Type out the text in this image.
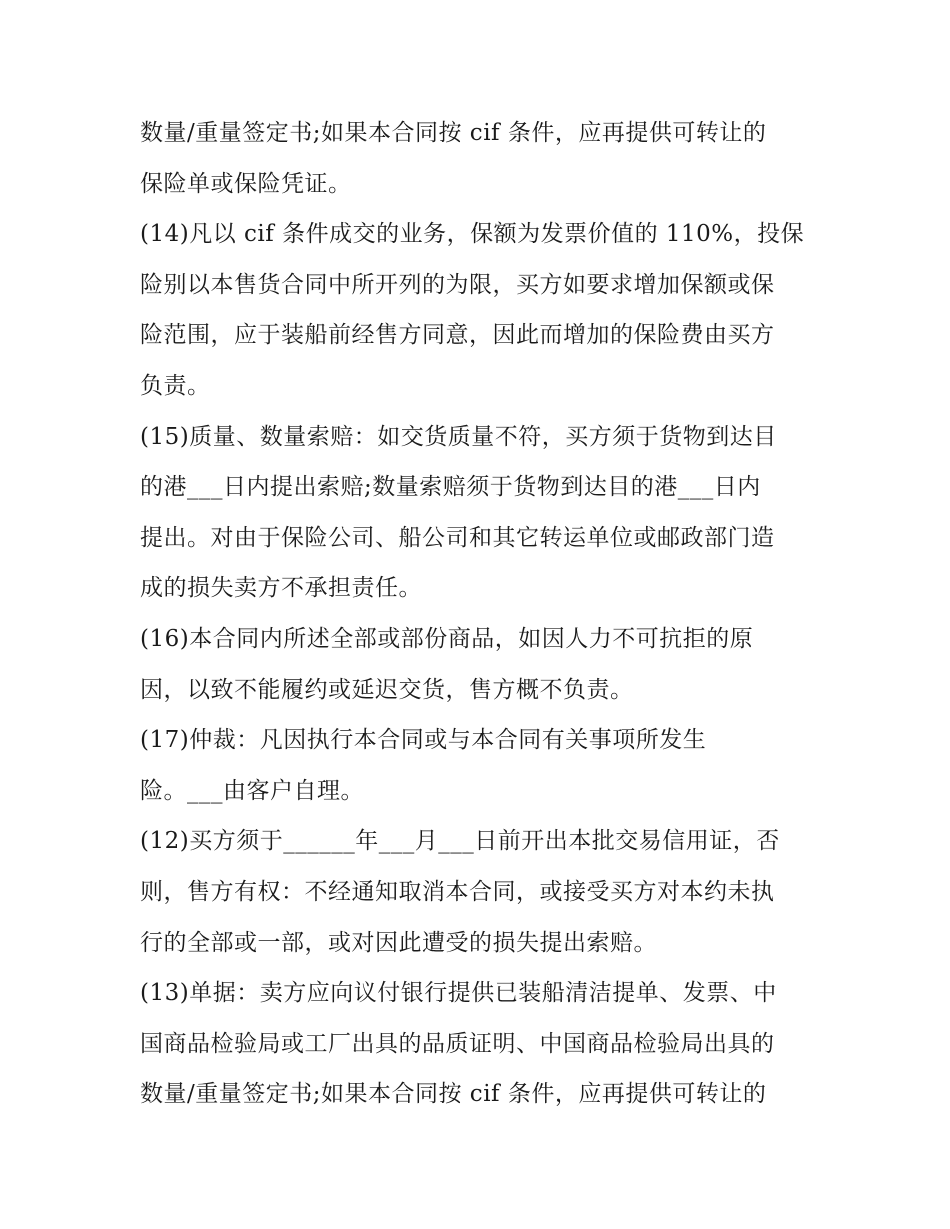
数量/重量签定书;如果本合同按 cif 条件，应再提供可转让的
保险单或保险凭证。
(14)凡以 cif 条件成交的业务，保额为发票价值的 110%，投保
险别以本售货合同中所开列的为限，买方如要求增加保额或保
险范围，应于装船前经售方同意，因此而增加的保险费由买方
负责。
(15)质量、数量索赔：如交货质量不符，买方须于货物到达目
的港___日内提出索赔;数量索赔须于货物到达目的港___日内
提出。对由于保险公司、船公司和其它转运单位或邮政部门造
成的损失卖方不承担责任。
(16)本合同内所述全部或部份商品，如因人力不可抗拒的原
因，以致不能履约或延迟交货，售方概不负责。
(17)仲裁：凡因执行本合同或与本合同有关事项所发生
险。___由客户自理。
(12)买方须于______年___月___日前开出本批交易信用证，否
则，售方有权：不经通知取消本合同，或接受买方对本约未执
行的全部或一部，或对因此遭受的损失提出索赔。
(13)单据：卖方应向议付银行提供已装船清洁提单、发票、中
国商品检验局或工厂出具的品质证明、中国商品检验局出具的
数量/重量签定书;如果本合同按 cif 条件，应再提供可转让的
